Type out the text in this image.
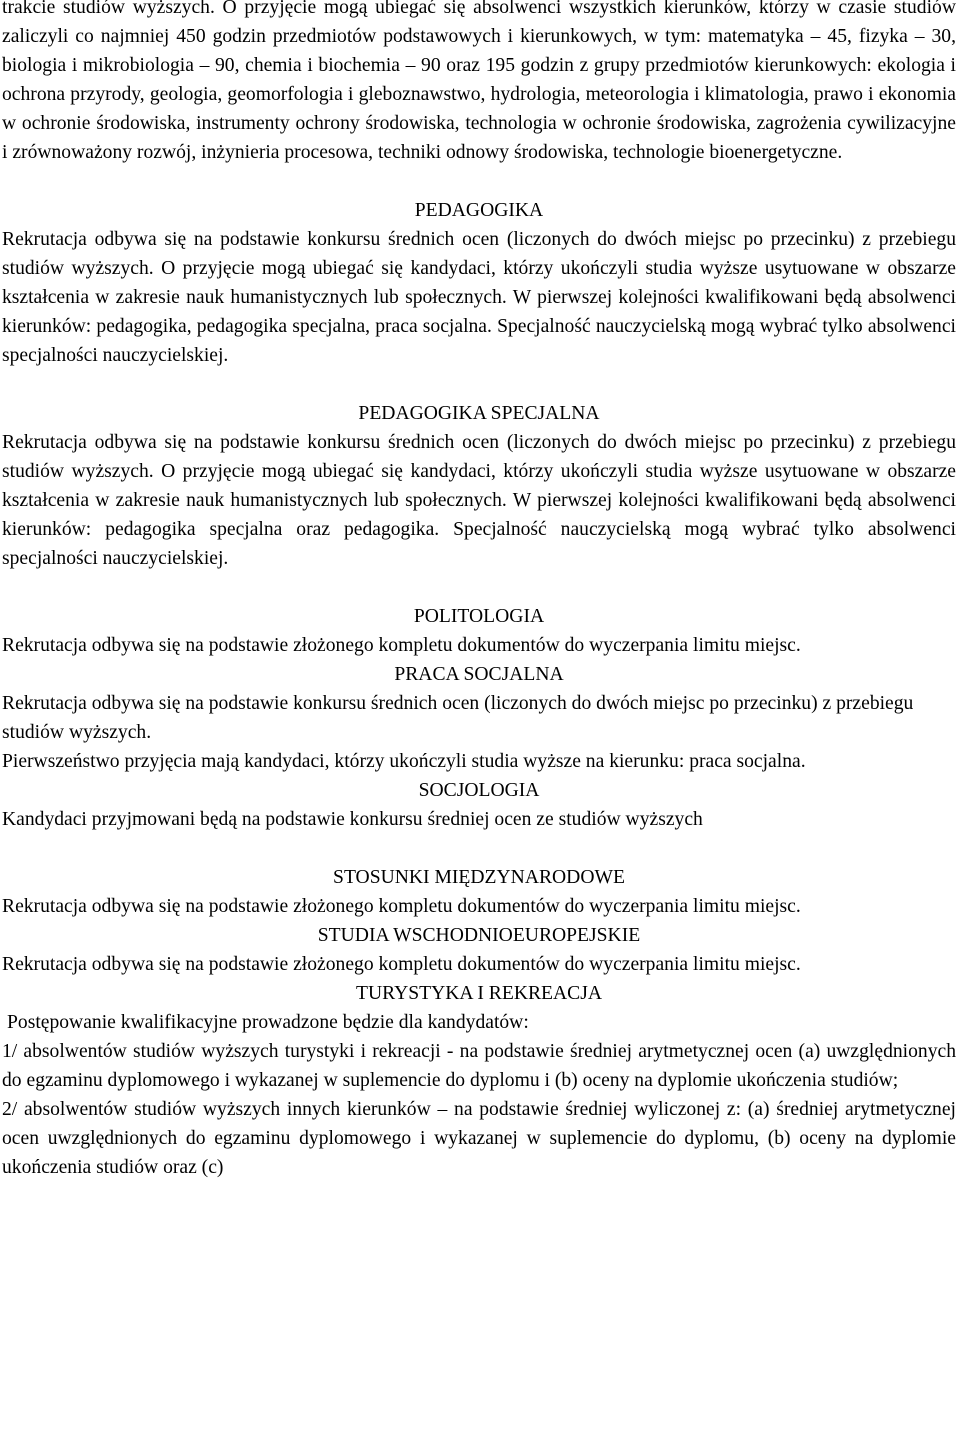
trakcie studiów wyższych. O przyjęcie mogą ubiegać się absolwenci wszystkich kierunków, którzy w czasie studiów zaliczyli co najmniej 450 godzin przedmiotów podstawowych i kierunkowych, w tym: matematyka – 45, fizyka – 30, biologia i mikrobiologia – 90, chemia i biochemia – 90 oraz 195 godzin z grupy przedmiotów kierunkowych: ekologia i ochrona przyrody, geologia, geomorfologia i gleboznawstwo, hydrologia, meteorologia i klimatologia, prawo i ekonomia w ochronie środowiska, instrumenty ochrony środowiska, technologia w ochronie środowiska, zagrożenia cywilizacyjne i zrównoważony rozwój, inżynieria procesowa, techniki odnowy środowiska, technologie bioenergetyczne.

PEDAGOGIKA

Rekrutacja odbywa się na podstawie konkursu średnich ocen (liczonych do dwóch miejsc po przecinku) z przebiegu studiów wyższych. O przyjęcie mogą ubiegać się kandydaci, którzy ukończyli studia wyższe usytuowane w obszarze kształcenia w zakresie nauk humanistycznych lub społecznych. W pierwszej kolejności kwalifikowani będą absolwenci kierunków: pedagogika, pedagogika specjalna, praca socjalna. Specjalność nauczycielską mogą wybrać tylko absolwenci specjalności nauczycielskiej.

PEDAGOGIKA SPECJALNA

Rekrutacja odbywa się na podstawie konkursu średnich ocen (liczonych do dwóch miejsc po przecinku) z przebiegu studiów wyższych. O przyjęcie mogą ubiegać się kandydaci, którzy ukończyli studia wyższe usytuowane w obszarze kształcenia w zakresie nauk humanistycznych lub społecznych. W pierwszej kolejności kwalifikowani będą absolwenci kierunków: pedagogika specjalna oraz pedagogika. Specjalność nauczycielską mogą wybrać tylko absolwenci specjalności nauczycielskiej.

POLITOLOGIA

Rekrutacja odbywa się na podstawie złożonego kompletu dokumentów do wyczerpania limitu miejsc.

PRACA SOCJALNA

Rekrutacja odbywa się na podstawie konkursu średnich ocen (liczonych do dwóch miejsc po przecinku) z przebiegu studiów wyższych.

Pierwszeństwo przyjęcia mają kandydaci, którzy ukończyli studia wyższe na kierunku: praca socjalna.

SOCJOLOGIA

Kandydaci przyjmowani będą na podstawie konkursu średniej ocen ze studiów wyższych

STOSUNKI MIĘDZYNARODOWE

Rekrutacja odbywa się na podstawie złożonego kompletu dokumentów do wyczerpania limitu miejsc.

STUDIA WSCHODNIOEUROPEJSKIE

Rekrutacja odbywa się na podstawie złożonego kompletu dokumentów do wyczerpania limitu miejsc.

TURYSTYKA I REKREACJA

Postępowanie kwalifikacyjne prowadzone będzie dla kandydatów:

1/ absolwentów studiów wyższych turystyki i rekreacji - na podstawie średniej arytmetycznej ocen (a) uwzględnionych do egzaminu dyplomowego i wykazanej w suplemencie do dyplomu i (b) oceny na dyplomie ukończenia studiów;

2/ absolwentów studiów wyższych innych kierunków – na podstawie średniej wyliczonej z: (a) średniej arytmetycznej ocen uwzględnionych do egzaminu dyplomowego i wykazanej w suplemencie do dyplomu, (b) oceny na dyplomie ukończenia studiów oraz (c)
